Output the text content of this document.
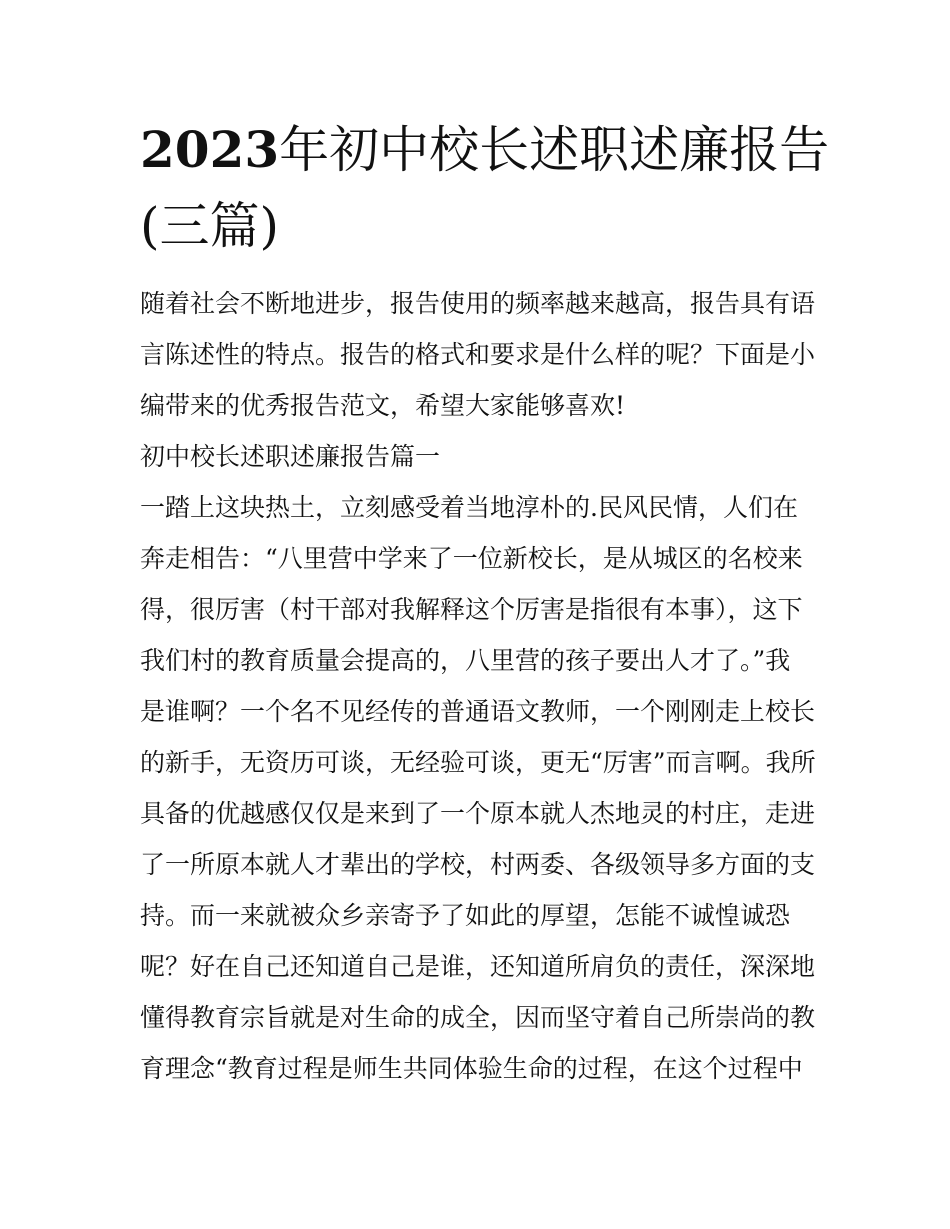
2023年初中校长述职述廉报告
(三篇)
随着社会不断地进步，报告使用的频率越来越高，报告具有语
言陈述性的特点。报告的格式和要求是什么样的呢？下面是小
编带来的优秀报告范文，希望大家能够喜欢!
初中校长述职述廉报告篇一
一踏上这块热土，立刻感受着当地淳朴的.民风民情，人们在
奔走相告：“八里营中学来了一位新校长，是从城区的名校来
得，很厉害（村干部对我解释这个厉害是指很有本事），这下
我们村的教育质量会提高的，八里营的孩子要出人才了。”我
是谁啊？一个名不见经传的普通语文教师，一个刚刚走上校长
的新手，无资历可谈，无经验可谈，更无“厉害”而言啊。我所
具备的优越感仅仅是来到了一个原本就人杰地灵的村庄，走进
了一所原本就人才辈出的学校，村两委、各级领导多方面的支
持。而一来就被众乡亲寄予了如此的厚望，怎能不诚惶诚恐
呢？好在自己还知道自己是谁，还知道所肩负的责任，深深地
懂得教育宗旨就是对生命的成全，因而坚守着自己所崇尚的教
育理念“教育过程是师生共同体验生命的过程，在这个过程中
